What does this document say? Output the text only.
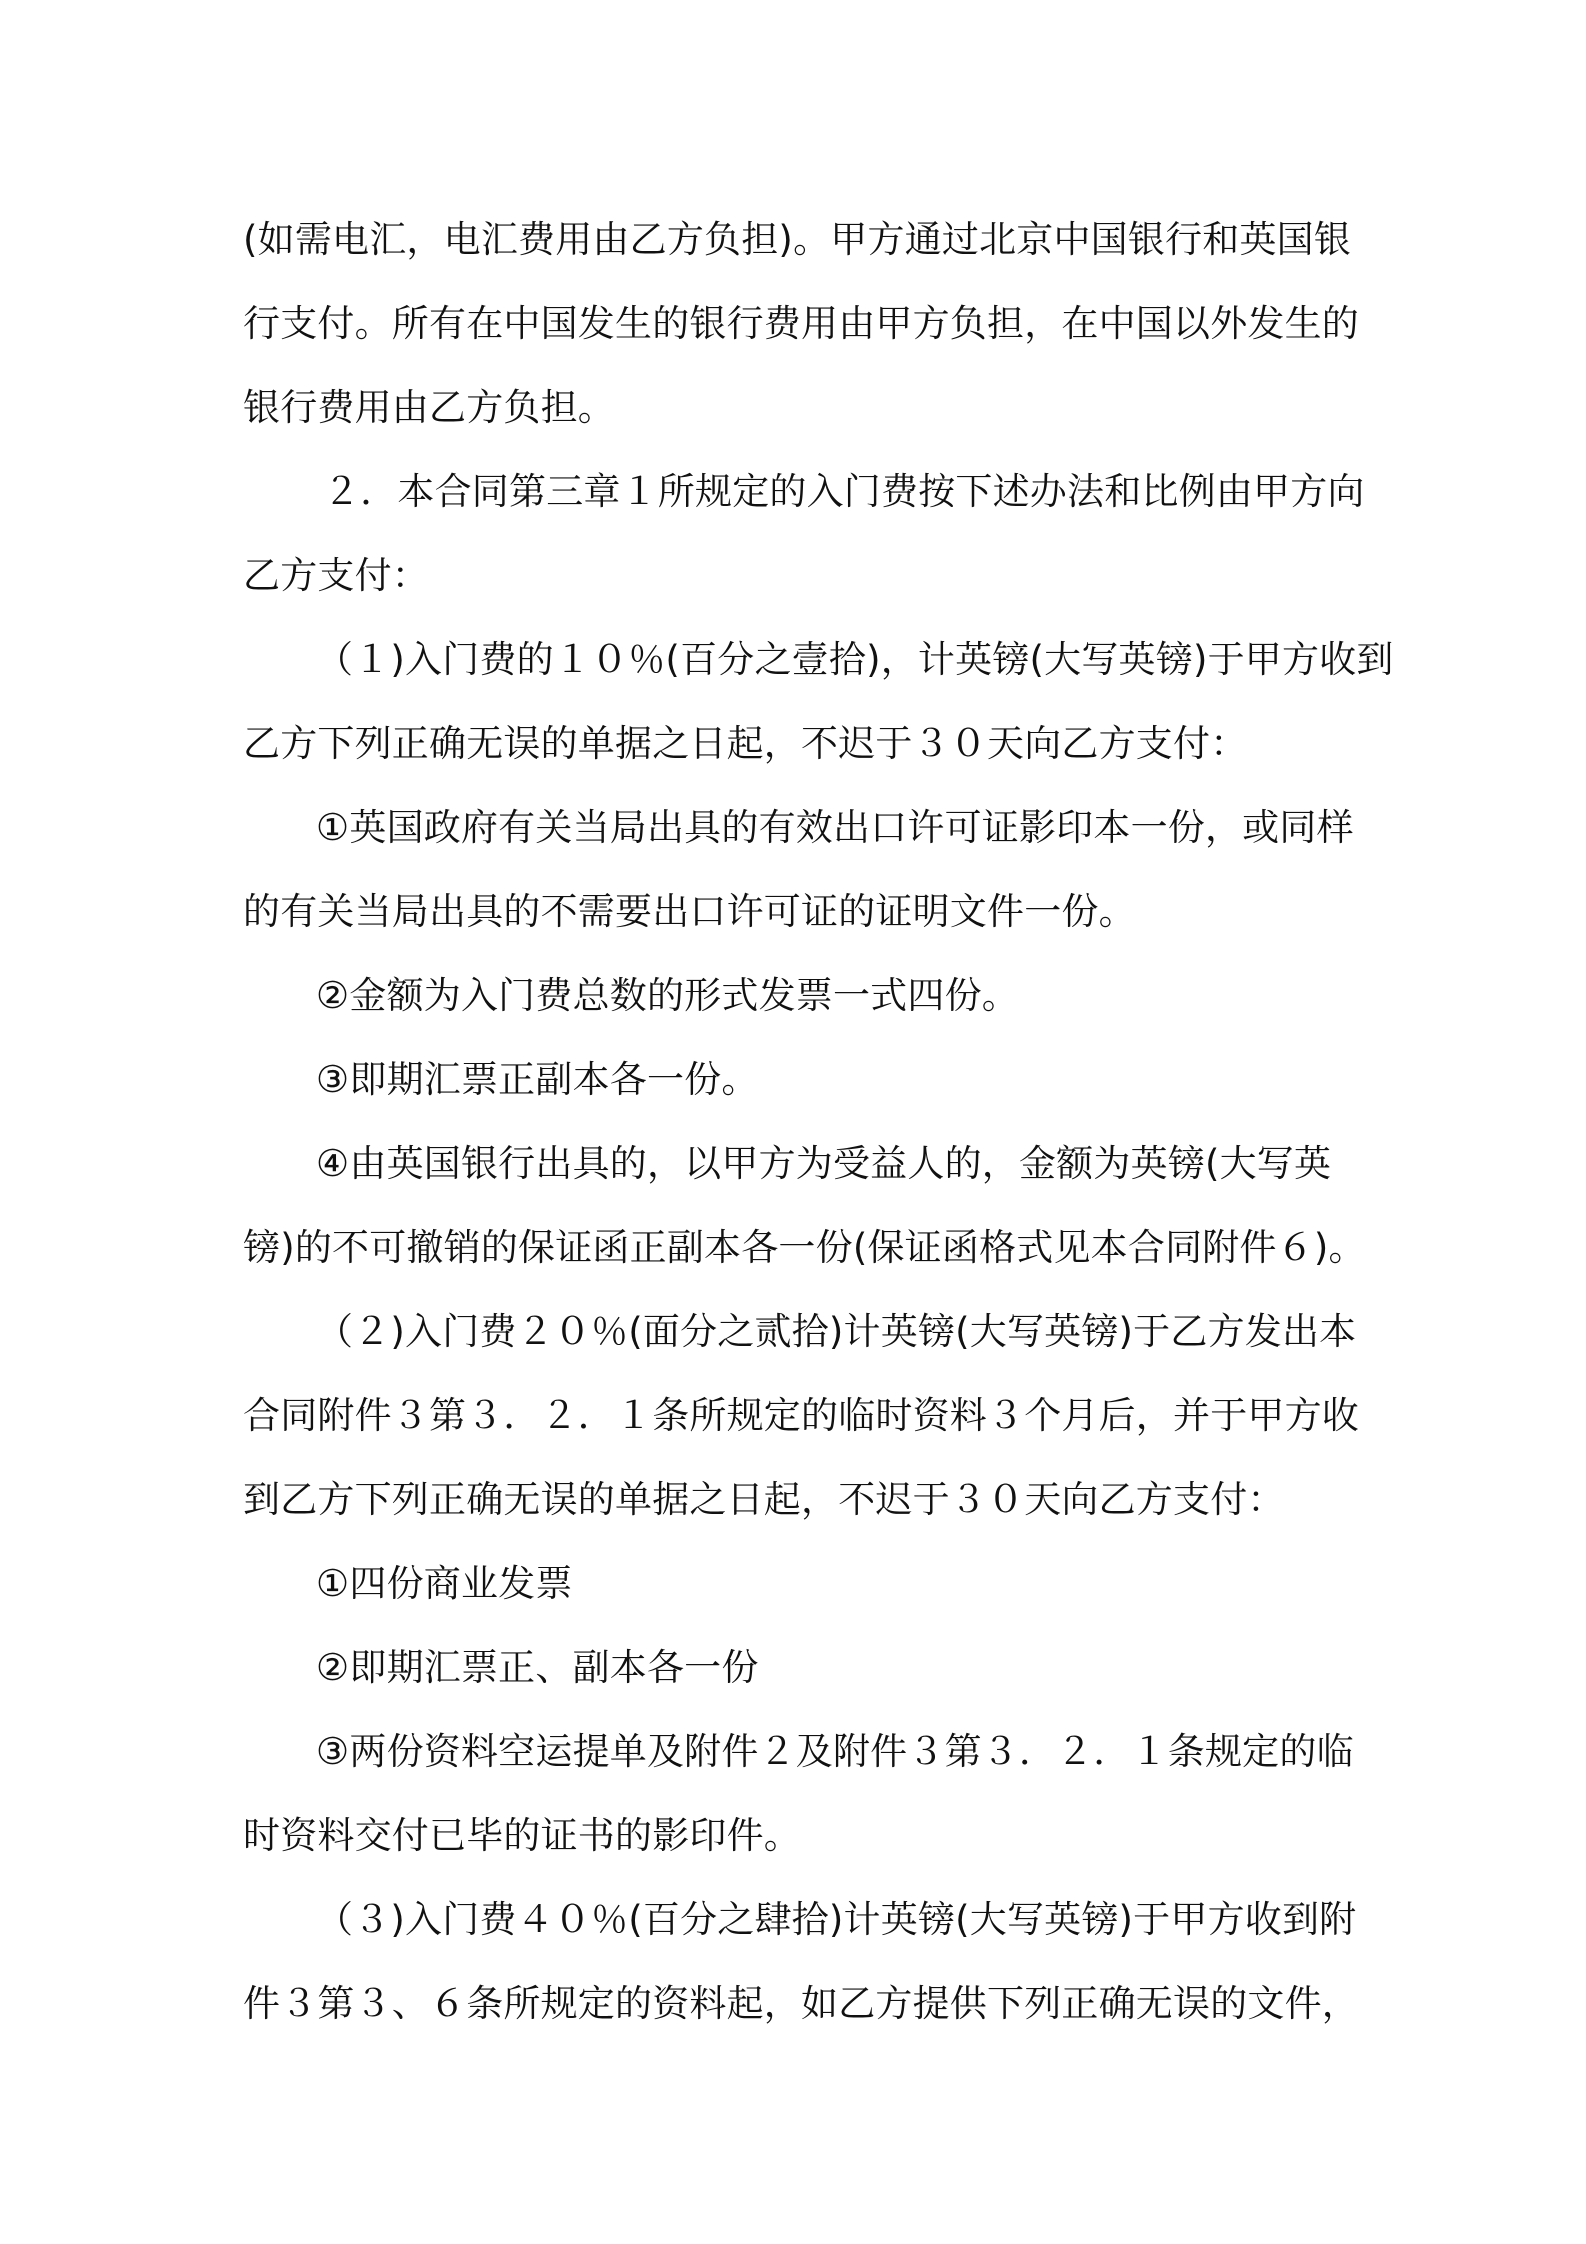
(如需电汇，电汇费用由乙方负担)。甲方通过北京中国银行和英国银
行支付。所有在中国发生的银行费用由甲方负担，在中国以外发生的
银行费用由乙方负担。
２．本合同第三章１所规定的入门费按下述办法和比例由甲方向
乙方支付：
（１)入门费的１０％(百分之壹拾)，计英镑(大写英镑)于甲方收到
乙方下列正确无误的单据之日起，不迟于３０天向乙方支付：
①英国政府有关当局出具的有效出口许可证影印本一份，或同样
的有关当局出具的不需要出口许可证的证明文件一份。
②金额为入门费总数的形式发票一式四份。
③即期汇票正副本各一份。
④由英国银行出具的，以甲方为受益人的，金额为英镑(大写英
镑)的不可撤销的保证函正副本各一份(保证函格式见本合同附件６)。
（２)入门费２０％(面分之贰拾)计英镑(大写英镑)于乙方发出本
合同附件３第３．２．１条所规定的临时资料３个月后，并于甲方收
到乙方下列正确无误的单据之日起，不迟于３０天向乙方支付：
①四份商业发票
②即期汇票正、副本各一份
③两份资料空运提单及附件２及附件３第３．２．１条规定的临
时资料交付已毕的证书的影印件。
（３)入门费４０％(百分之肆拾)计英镑(大写英镑)于甲方收到附
件３第３、６条所规定的资料起，如乙方提供下列正确无误的文件，
